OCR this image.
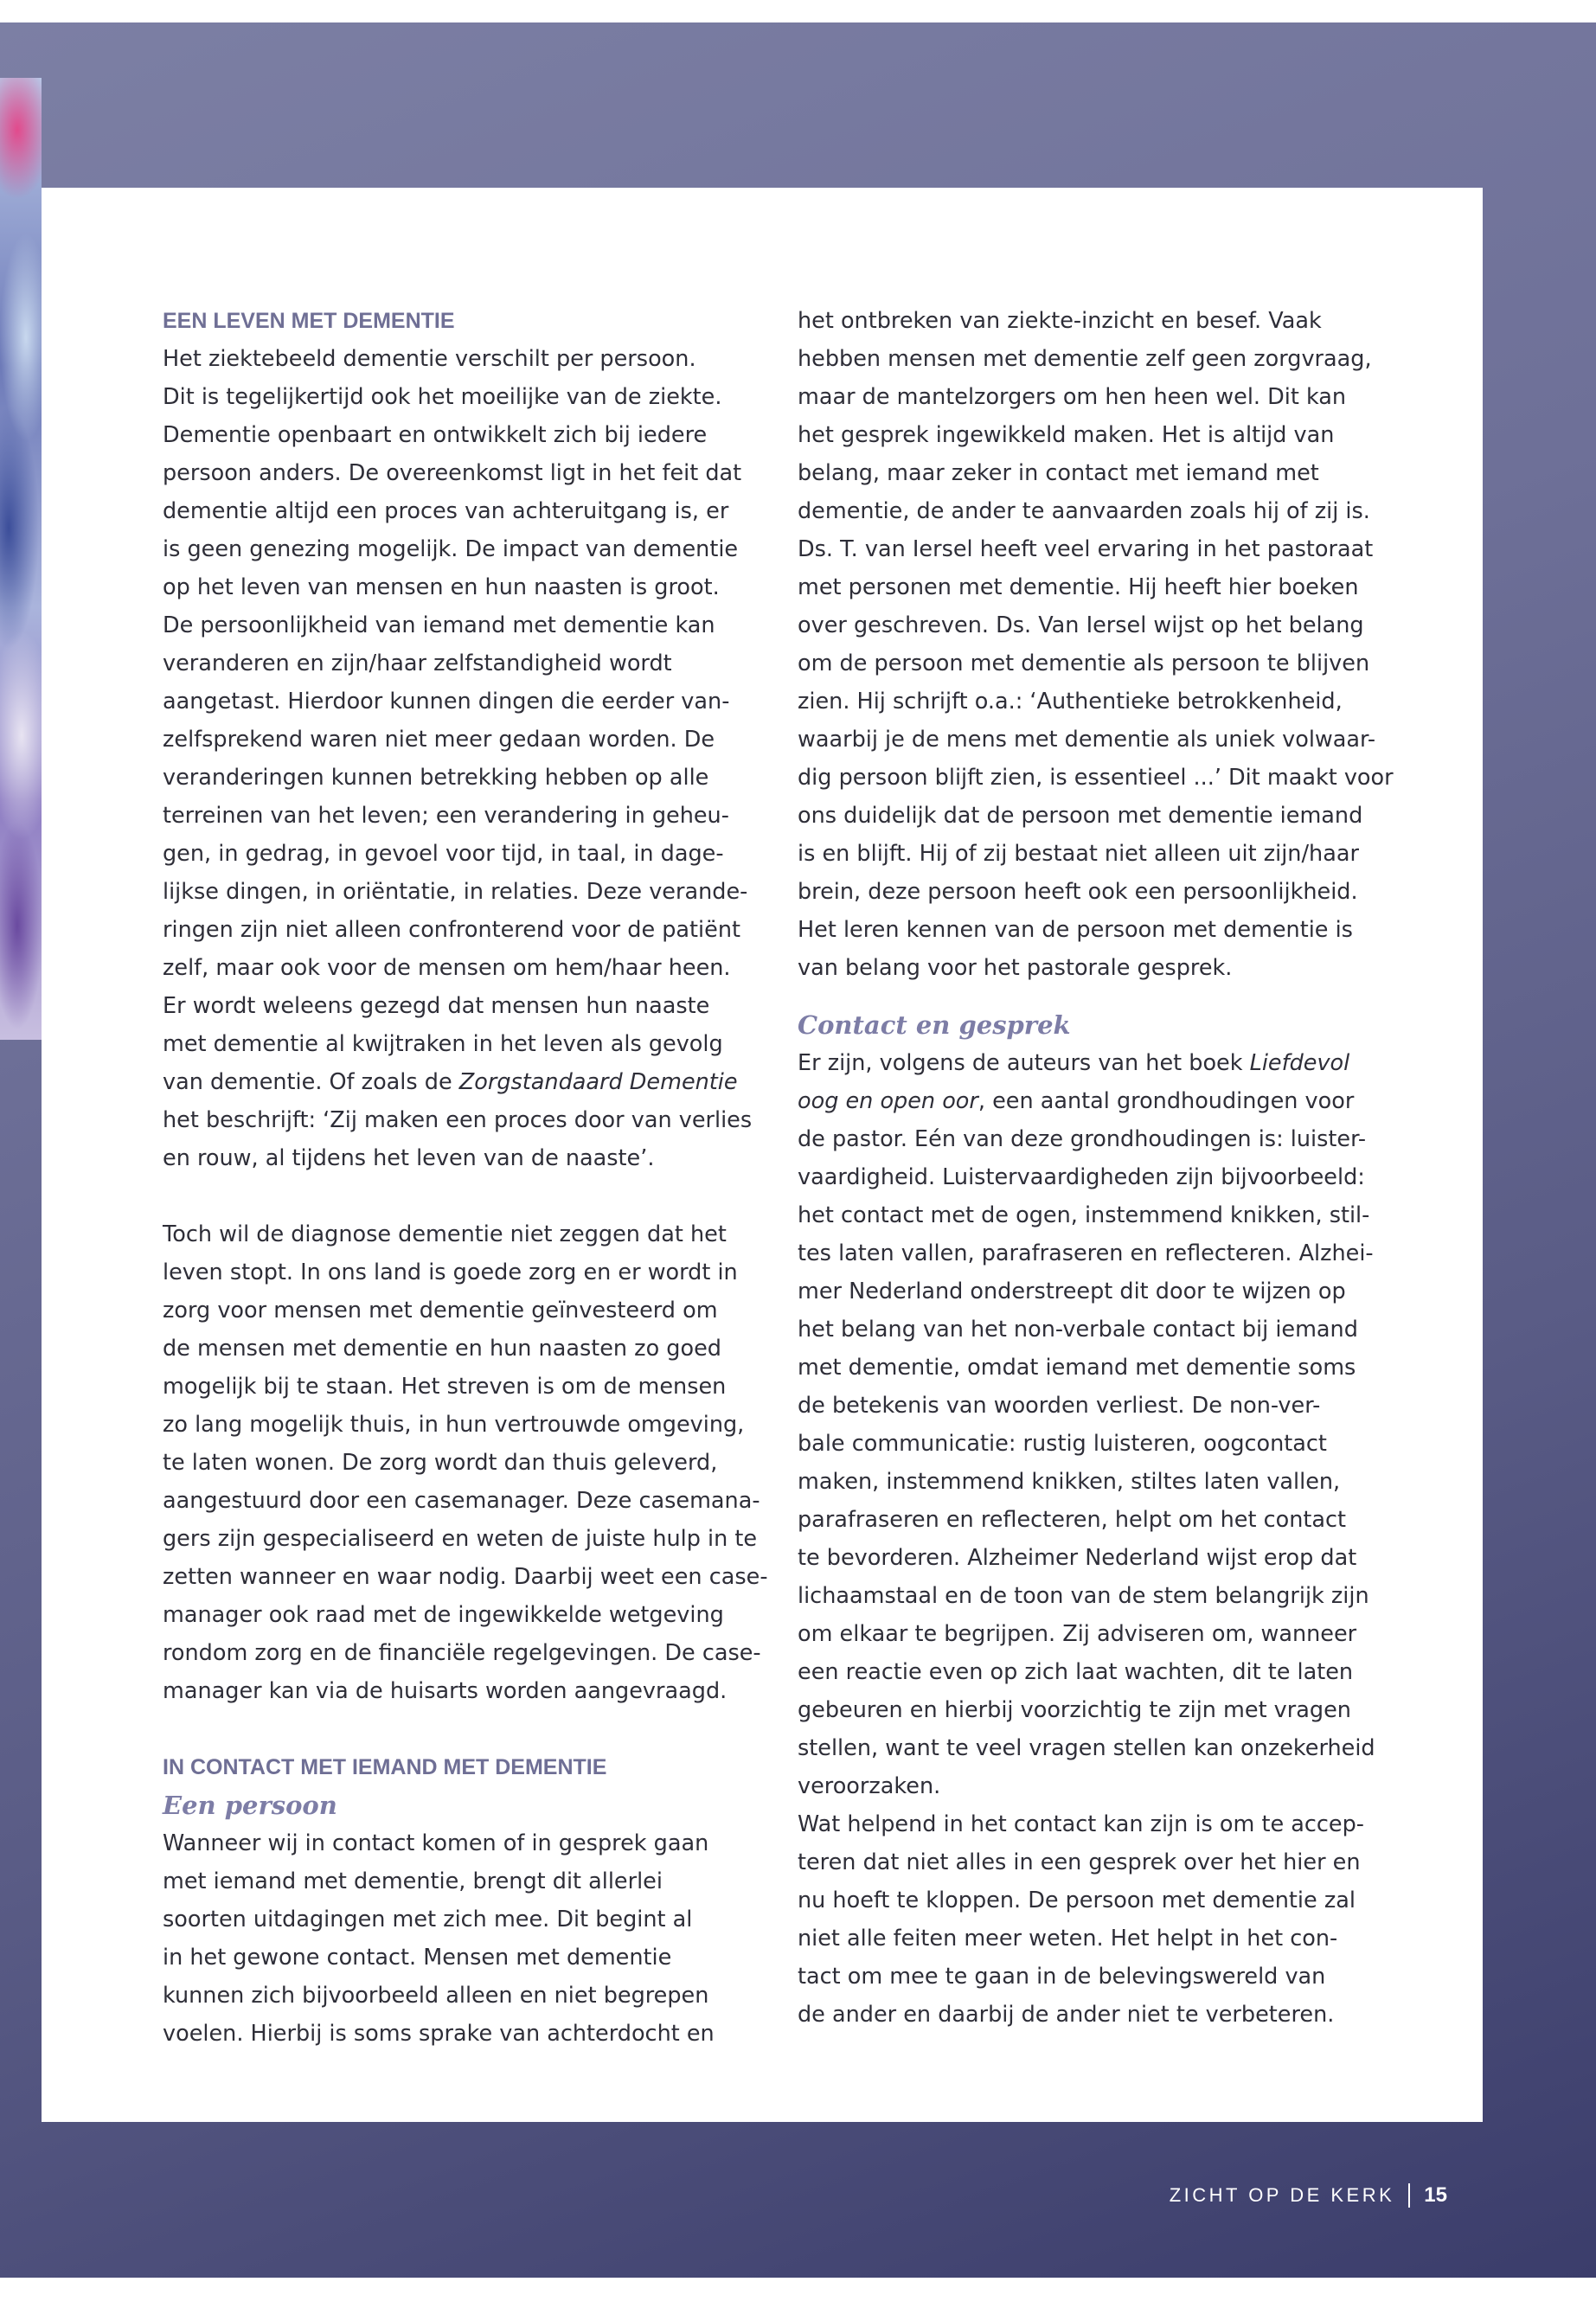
EEN LEVEN MET DEMENTIE

Het ziektebeeld dementie verschilt per persoon.

Dit is tegelijkertijd ook het moeilijke van de ziekte.

Dementie openbaart en ontwikkelt zich bij iedere

persoon anders. De overeenkomst ligt in het feit dat

dementie altijd een proces van achteruitgang is, er

is geen genezing mogelijk. De impact van dementie

op het leven van mensen en hun naasten is groot.

De persoonlijkheid van iemand met dementie kan

veranderen en zijn/haar zelfstandigheid wordt

aangetast. Hierdoor kunnen dingen die eerder van-

zelfsprekend waren niet meer gedaan worden. De

veranderingen kunnen betrekking hebben op alle

terreinen van het leven; een verandering in geheu-

gen, in gedrag, in gevoel voor tijd, in taal, in dage-

lijkse dingen, in oriëntatie, in relaties. Deze verande-

ringen zijn niet alleen confronterend voor de patiënt

zelf, maar ook voor de mensen om hem/haar heen.

Er wordt weleens gezegd dat mensen hun naaste

met dementie al kwijtraken in het leven als gevolg

van dementie. Of zoals de Zorgstandaard Dementie

het beschrijft: ‘Zij maken een proces door van verlies

en rouw, al tijdens het leven van de naaste’.

Toch wil de diagnose dementie niet zeggen dat het

leven stopt. In ons land is goede zorg en er wordt in

zorg voor mensen met dementie geïnvesteerd om

de mensen met dementie en hun naasten zo goed

mogelijk bij te staan. Het streven is om de mensen

zo lang mogelijk thuis, in hun vertrouwde omgeving,

te laten wonen. De zorg wordt dan thuis geleverd,

aangestuurd door een casemanager. Deze casemana-

gers zijn gespecialiseerd en weten de juiste hulp in te

zetten wanneer en waar nodig. Daarbij weet een case-

manager ook raad met de ingewikkelde wetgeving

rondom zorg en de financiële regelgevingen. De case-

manager kan via de huisarts worden aangevraagd.

IN CONTACT MET IEMAND MET DEMENTIE

Een persoon

Wanneer wij in contact komen of in gesprek gaan

met iemand met dementie, brengt dit allerlei

soorten uitdagingen met zich mee. Dit begint al

in het gewone contact. Mensen met dementie

kunnen zich bijvoorbeeld alleen en niet begrepen

voelen. Hierbij is soms sprake van achterdocht en

het ontbreken van ziekte-inzicht en besef. Vaak

hebben mensen met dementie zelf geen zorgvraag,

maar de mantelzorgers om hen heen wel. Dit kan

het gesprek ingewikkeld maken. Het is altijd van

belang, maar zeker in contact met iemand met

dementie, de ander te aanvaarden zoals hij of zij is.

Ds. T. van Iersel heeft veel ervaring in het pastoraat

met personen met dementie. Hij heeft hier boeken

over geschreven. Ds. Van Iersel wijst op het belang

om de persoon met dementie als persoon te blijven

zien. Hij schrijft o.a.: ‘Authentieke betrokkenheid,

waarbij je de mens met dementie als uniek volwaar-

dig persoon blijft zien, is essentieel ...’ Dit maakt voor

ons duidelijk dat de persoon met dementie iemand

is en blijft. Hij of zij bestaat niet alleen uit zijn/haar

brein, deze persoon heeft ook een persoonlijkheid.

Het leren kennen van de persoon met dementie is

van belang voor het pastorale gesprek.

Contact en gesprek

Er zijn, volgens de auteurs van het boek Liefdevol

oog en open oor, een aantal grondhoudingen voor

de pastor. Eén van deze grondhoudingen is: luister-

vaardigheid. Luistervaardigheden zijn bijvoorbeeld:

het contact met de ogen, instemmend knikken, stil-

tes laten vallen, parafraseren en reflecteren. Alzhei-

mer Nederland onderstreept dit door te wijzen op

het belang van het non-verbale contact bij iemand

met dementie, omdat iemand met dementie soms

de betekenis van woorden verliest. De non-ver-

bale communicatie: rustig luisteren, oogcontact

maken, instemmend knikken, stiltes laten vallen,

parafraseren en reflecteren, helpt om het contact

te bevorderen. Alzheimer Nederland wijst erop dat

lichaamstaal en de toon van de stem belangrijk zijn

om elkaar te begrijpen. Zij adviseren om, wanneer

een reactie even op zich laat wachten, dit te laten

gebeuren en hierbij voorzichtig te zijn met vragen

stellen, want te veel vragen stellen kan onzekerheid

veroorzaken.

Wat helpend in het contact kan zijn is om te accep-

teren dat niet alles in een gesprek over het hier en

nu hoeft te kloppen. De persoon met dementie zal

niet alle feiten meer weten. Het helpt in het con-

tact om mee te gaan in de belevingswereld van

de ander en daarbij de ander niet te verbeteren.

ZICHT OP DE KERK 15
